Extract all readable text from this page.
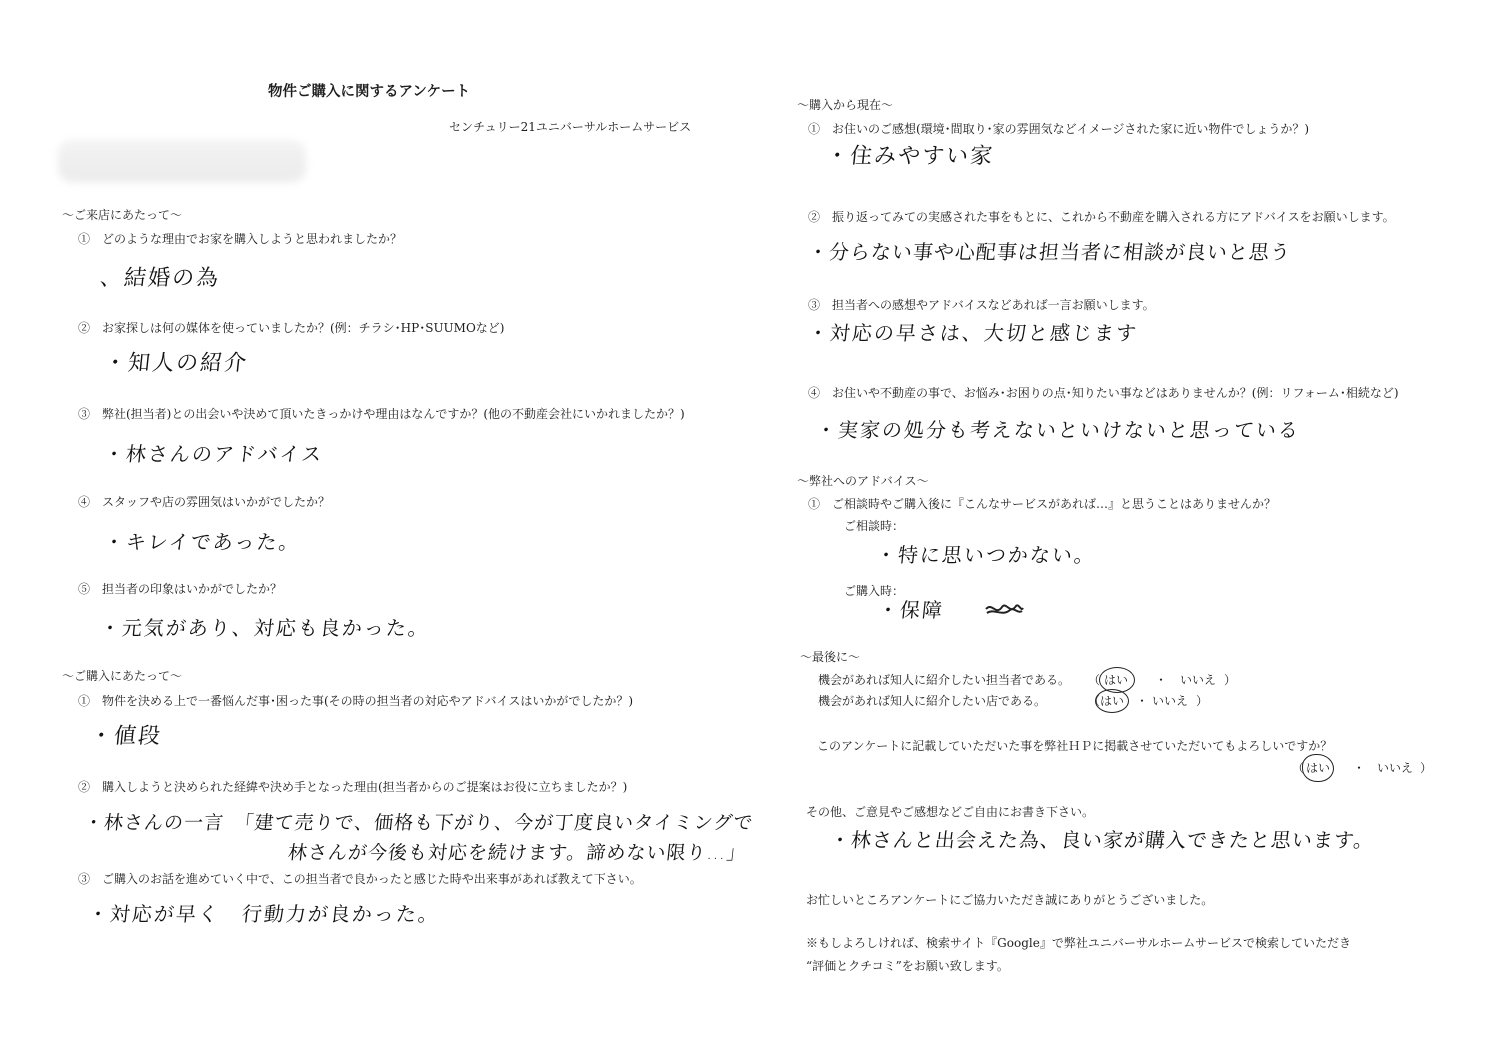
物件ご購入に関するアンケート
センチュリー21ユニバーサルホームサービス
～ご来店にあたって～
①　どのような理由でお家を購入しようと思われましたか？
、結婚の為
②　お家探しは何の媒体を使っていましたか？(例：チラシ･HP･SUUMOなど)
・知人の紹介
③　弊社(担当者)との出会いや決めて頂いたきっかけや理由はなんですか？(他の不動産会社にいかれましたか？)
・林さんのアドバイス
④　スタッフや店の雰囲気はいかがでしたか？
・キレイであった。
⑤　担当者の印象はいかがでしたか？
・元気があり、対応も良かった。
～ご購入にあたって～
①　物件を決める上で一番悩んだ事･困った事(その時の担当者の対応やアドバイスはいかがでしたか？)
・値段
②　購入しようと決められた経緯や決め手となった理由(担当者からのご提案はお役に立ちましたか？)
・林さんの一言　「建て売りで、価格も下がり、今が丁度良いタイミングで
林さんが今後も対応を続けます。諦めない限り…」
③　ご購入のお話を進めていく中で、この担当者で良かったと感じた時や出来事があれば教えて下さい。
・対応が早く　行動力が良かった。
～購入から現在～
①　お住いのご感想(環境･間取り･家の雰囲気などイメージされた家に近い物件でしょうか？)
・住みやすい家
②　振り返ってみての実感された事をもとに、これから不動産を購入される方にアドバイスをお願いします。
・分らない事や心配事は担当者に相談が良いと思う
③　担当者への感想やアドバイスなどあれば一言お願いします。
・対応の早さは、大切と感じます
④　お住いや不動産の事で、お悩み･お困りの点･知りたい事などはありませんか？(例：リフォーム･相続など)
・実家の処分も考えないといけないと思っている
～弊社へのアドバイス～
①　ご相談時やご購入後に『こんなサービスがあれば…』と思うことはありませんか？
ご相談時：
・特に思いつかない。
ご購入時：
・保障
～最後に～
機会があれば知人に紹介したい担当者である。 （ はい ・ いいえ ）
機会があれば知人に紹介したい店である。	（ はい ・ いいえ ）
このアンケートに記載していただいた事を弊社ＨＰに掲載させていただいてもよろしいですか？
（ はい ・ いいえ ）
その他、ご意見やご感想などご自由にお書き下さい。
・林さんと出会えた為、良い家が購入できたと思います。
お忙しいところアンケートにご協力いただき誠にありがとうございました。
※もしよろしければ、検索サイト『Google』で弊社ユニバーサルホームサービスで検索していただき
“評価とクチコミ”をお願い致します。
